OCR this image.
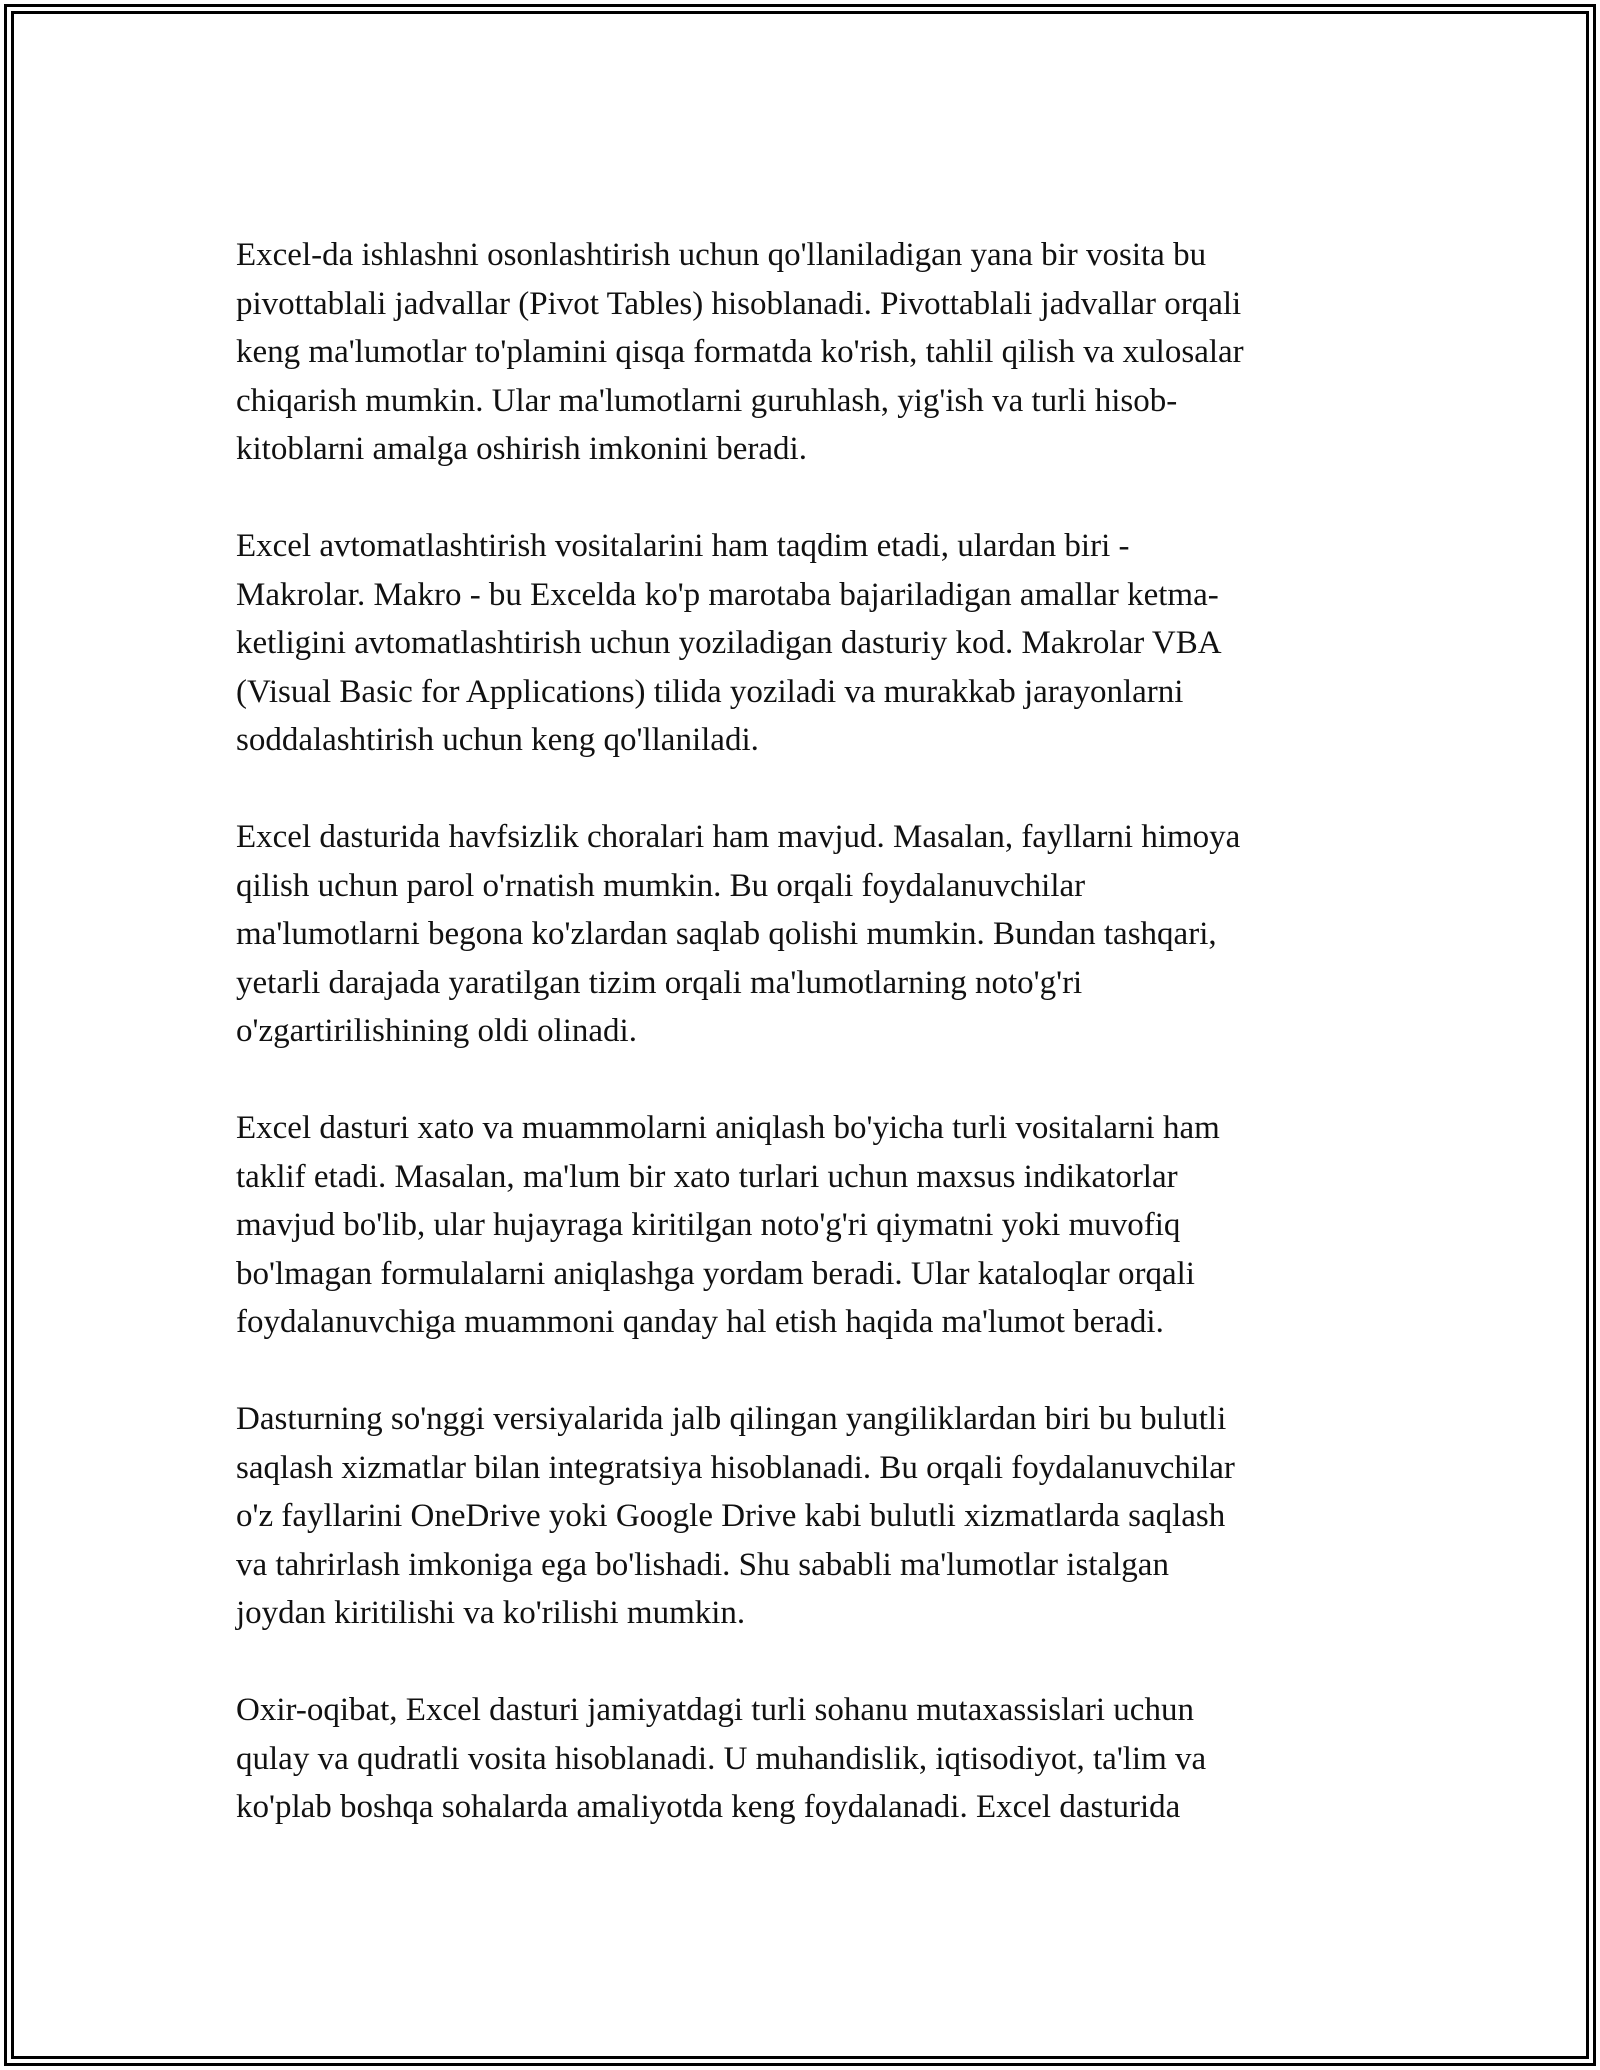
Excel-da ishlashni osonlashtirish uchun qo'llaniladigan yana bir vosita bu
pivottablali jadvallar (Pivot Tables) hisoblanadi. Pivottablali jadvallar orqali
keng ma'lumotlar to'plamini qisqa formatda ko'rish, tahlil qilish va xulosalar
chiqarish mumkin. Ular ma'lumotlarni guruhlash, yig'ish va turli hisob-
kitoblarni amalga oshirish imkonini beradi.

Excel avtomatlashtirish vositalarini ham taqdim etadi, ulardan biri -
Makrolar. Makro - bu Excelda ko'p marotaba bajariladigan amallar ketma-
ketligini avtomatlashtirish uchun yoziladigan dasturiy kod. Makrolar VBA
(Visual Basic for Applications) tilida yoziladi va murakkab jarayonlarni
soddalashtirish uchun keng qo'llaniladi.

Excel dasturida havfsizlik choralari ham mavjud. Masalan, fayllarni himoya
qilish uchun parol o'rnatish mumkin. Bu orqali foydalanuvchilar
ma'lumotlarni begona ko'zlardan saqlab qolishi mumkin. Bundan tashqari,
yetarli darajada yaratilgan tizim orqali ma'lumotlarning noto'g'ri
o'zgartirilishining oldi olinadi.

Excel dasturi xato va muammolarni aniqlash bo'yicha turli vositalarni ham
taklif etadi. Masalan, ma'lum bir xato turlari uchun maxsus indikatorlar
mavjud bo'lib, ular hujayraga kiritilgan noto'g'ri qiymatni yoki muvofiq
bo'lmagan formulalarni aniqlashga yordam beradi. Ular kataloqlar orqali
foydalanuvchiga muammoni qanday hal etish haqida ma'lumot beradi.

Dasturning so'nggi versiyalarida jalb qilingan yangiliklardan biri bu bulutli
saqlash xizmatlar bilan integratsiya hisoblanadi. Bu orqali foydalanuvchilar
o'z fayllarini OneDrive yoki Google Drive kabi bulutli xizmatlarda saqlash
va tahrirlash imkoniga ega bo'lishadi. Shu sababli ma'lumotlar istalgan
joydan kiritilishi va ko'rilishi mumkin.

Oxir-oqibat, Excel dasturi jamiyatdagi turli sohanu mutaxassislari uchun
qulay va qudratli vosita hisoblanadi. U muhandislik, iqtisodiyot, ta'lim va
ko'plab boshqa sohalarda amaliyotda keng foydalanadi. Excel dasturida
